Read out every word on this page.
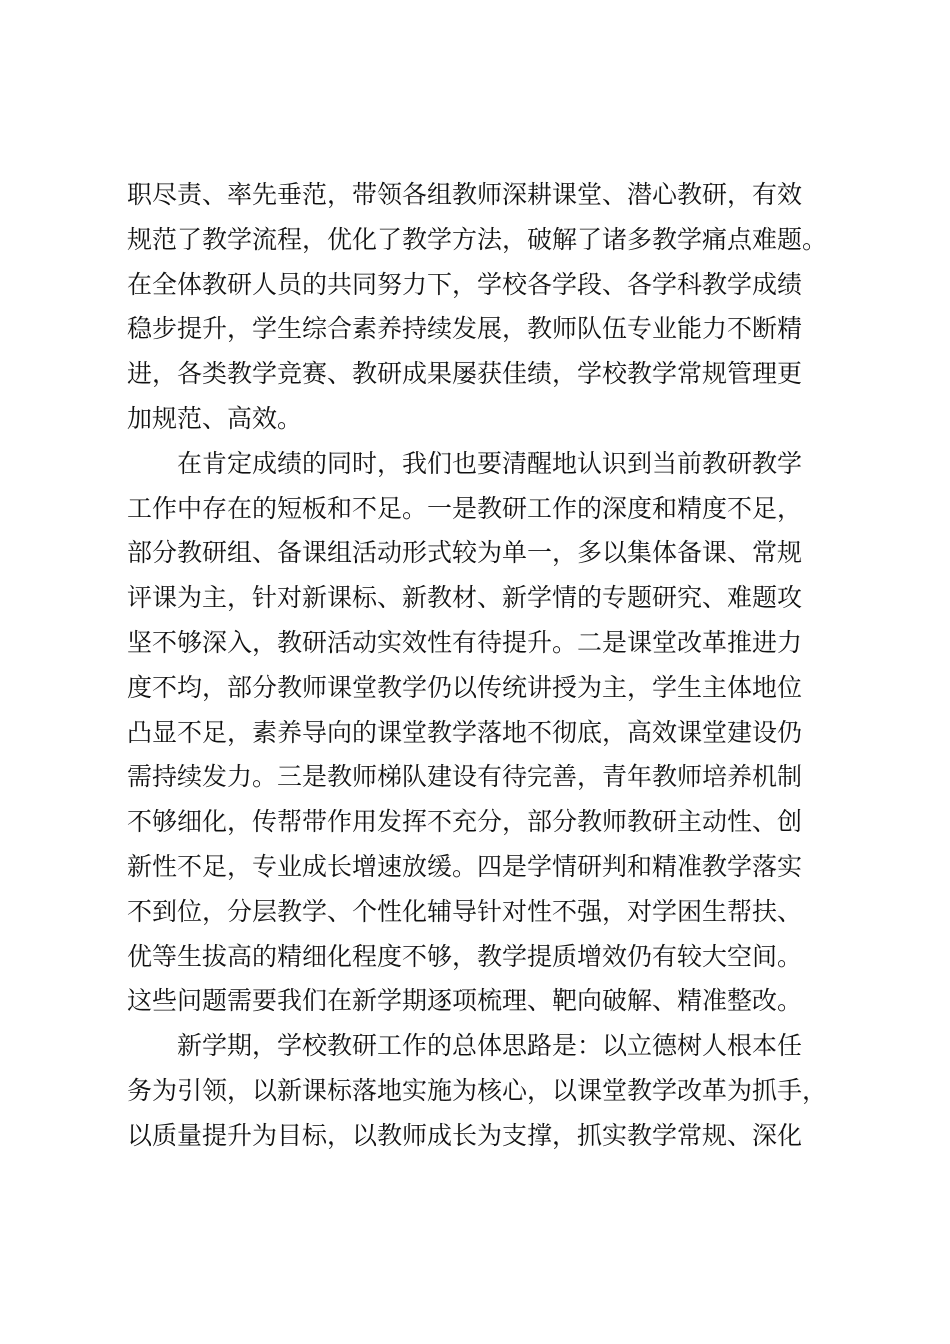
职尽责、率先垂范，带领各组教师深耕课堂、潜心教研，有效
规范了教学流程，优化了教学方法，破解了诸多教学痛点难题。
在全体教研人员的共同努力下，学校各学段、各学科教学成绩
稳步提升，学生综合素养持续发展，教师队伍专业能力不断精
进，各类教学竞赛、教研成果屡获佳绩，学校教学常规管理更
加规范、高效。
在肯定成绩的同时，我们也要清醒地认识到当前教研教学
工作中存在的短板和不足。一是教研工作的深度和精度不足，
部分教研组、备课组活动形式较为单一，多以集体备课、常规
评课为主，针对新课标、新教材、新学情的专题研究、难题攻
坚不够深入，教研活动实效性有待提升。二是课堂改革推进力
度不均，部分教师课堂教学仍以传统讲授为主，学生主体地位
凸显不足，素养导向的课堂教学落地不彻底，高效课堂建设仍
需持续发力。三是教师梯队建设有待完善，青年教师培养机制
不够细化，传帮带作用发挥不充分，部分教师教研主动性、创
新性不足，专业成长增速放缓。四是学情研判和精准教学落实
不到位，分层教学、个性化辅导针对性不强，对学困生帮扶、
优等生拔高的精细化程度不够，教学提质增效仍有较大空间。
这些问题需要我们在新学期逐项梳理、靶向破解、精准整改。
新学期，学校教研工作的总体思路是：以立德树人根本任
务为引领，以新课标落地实施为核心，以课堂教学改革为抓手，
以质量提升为目标，以教师成长为支撑，抓实教学常规、深化
